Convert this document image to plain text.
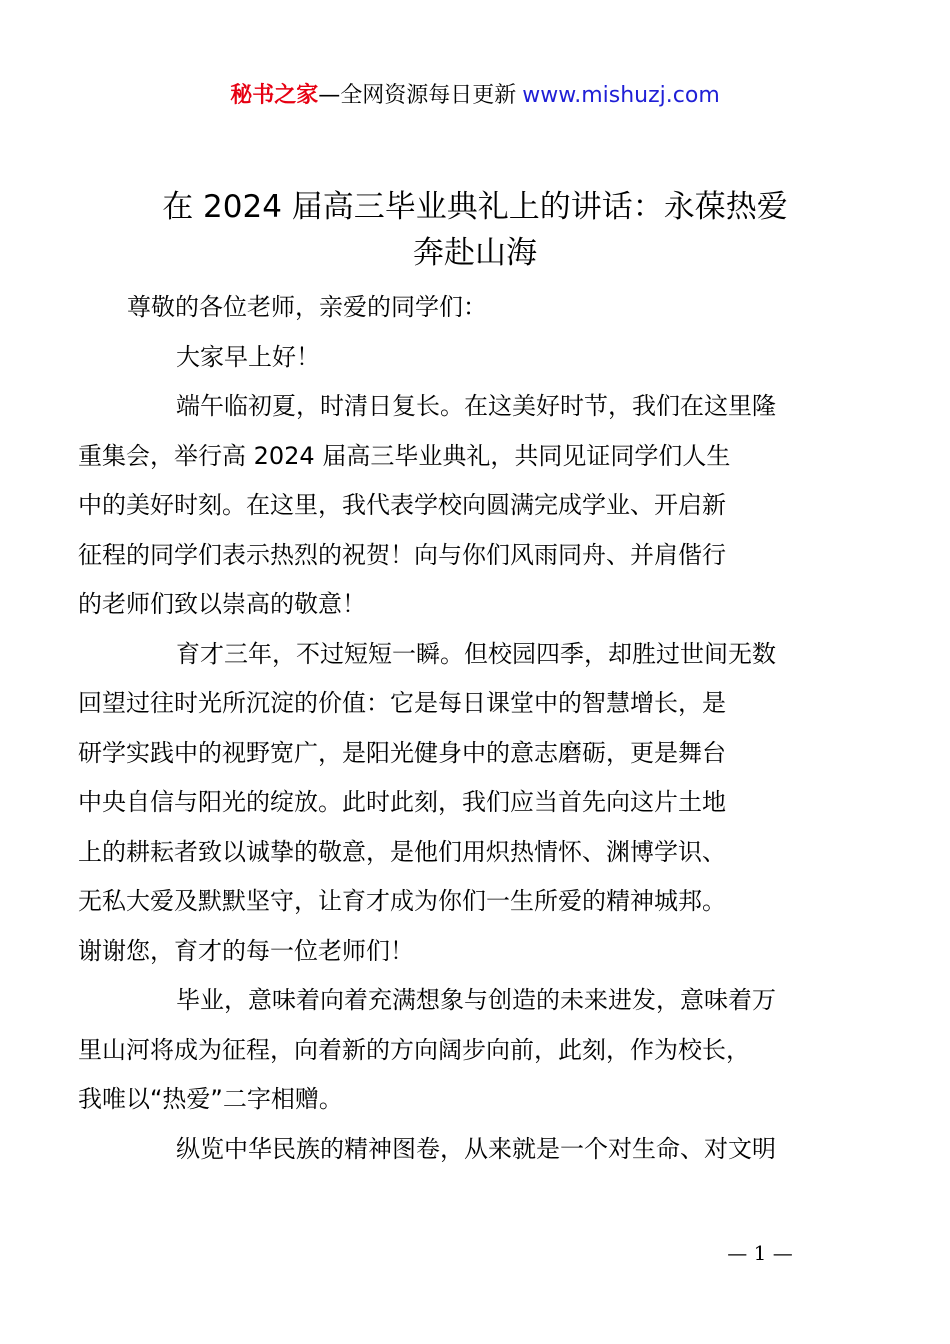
秘书之家—全网资源每日更新 www.mishuzj.com
在 2024 届高三毕业典礼上的讲话：永葆热爱
奔赴山海

尊敬的各位老师，亲爱的同学们：

大家早上好！

端午临初夏，时清日复长。在这美好时节，我们在这里隆
重集会，举行高 2024 届高三毕业典礼，共同见证同学们人生
中的美好时刻。在这里，我代表学校向圆满完成学业、开启新
征程的同学们表示热烈的祝贺！向与你们风雨同舟、并肩偕行
的老师们致以崇高的敬意！

育才三年，不过短短一瞬。但校园四季，却胜过世间无数
回望过往时光所沉淀的价值：它是每日课堂中的智慧增长，是
研学实践中的视野宽广，是阳光健身中的意志磨砺，更是舞台
中央自信与阳光的绽放。此时此刻，我们应当首先向这片土地
上的耕耘者致以诚挚的敬意，是他们用炽热情怀、渊博学识、
无私大爱及默默坚守，让育才成为你们一生所爱的精神城邦。
谢谢您，育才的每一位老师们！

毕业，意味着向着充满想象与创造的未来进发，意味着万
里山河将成为征程，向着新的方向阔步向前，此刻，作为校长，
我唯以“热爱”二字相赠。

纵览中华民族的精神图卷，从来就是一个对生命、对文明

— 1 —
